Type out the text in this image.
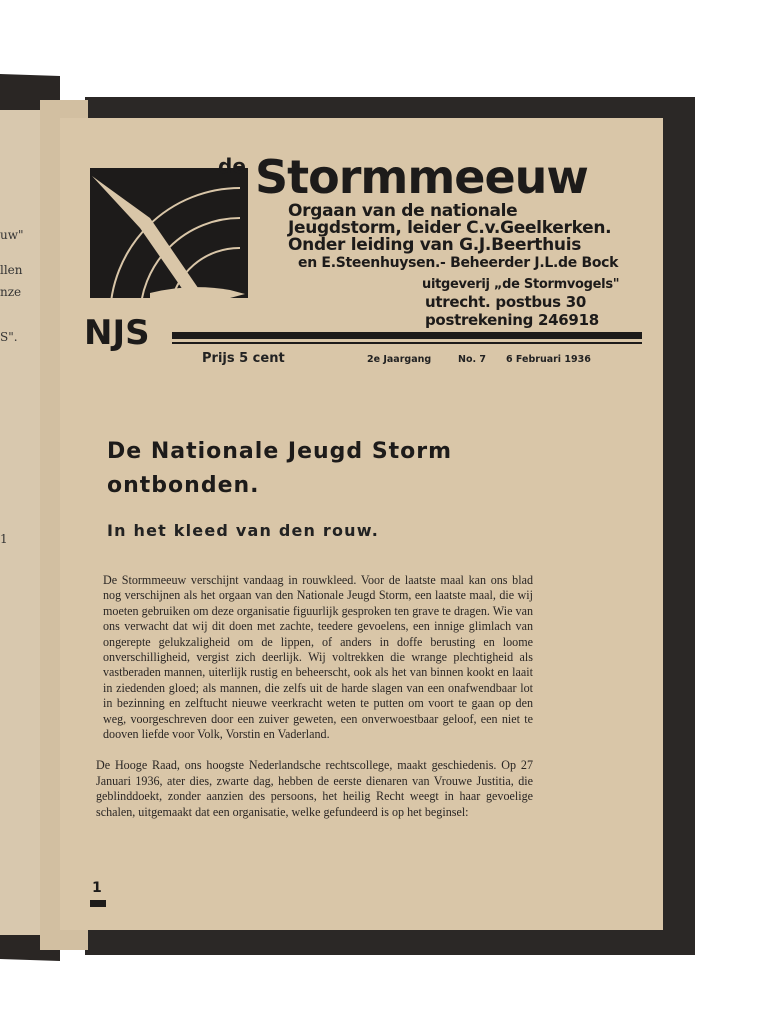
uw"
llen
nze
S".
1
NJS
de Stormmeeuw
Orgaan van de nationale
Jeugdstorm, leider C.v.Geelkerken.
Onder leiding van G.J.Beerthuis
en E.Steenhuysen.- Beheerder J.L.de Bock
uitgeverij „de Stormvogels"
utrecht. postbus 30
postrekening 246918
Prijs 5 cent	2e Jaargang	No. 7 6 Februari 1936
De Nationale Jeugd Storm ontbonden.
In het kleed van den rouw.

De Stormmeeuw verschijnt vandaag in rouwkleed. Voor de laatste maal kan ons blad nog verschijnen als het orgaan van den Nationale Jeugd Storm, een laatste maal, die wij moeten gebruiken om deze organisatie figuurlijk gesproken ten grave te dragen. Wie van ons verwacht dat wij dit doen met zachte, teedere gevoelens, een innige glimlach van ongerepte gelukzaligheid om de lippen, of anders in doffe berusting en loome onverschilligheid, vergist zich deerlijk. Wij voltrekken die wrange plechtigheid als vastberaden mannen, uiterlijk rustig en beheerscht, ook als het van binnen kookt en laait in ziedenden gloed; als mannen, die zelfs uit de harde slagen van een onafwendbaar lot in bezinning en zelftucht nieuwe veerkracht weten te putten om voort te gaan op den weg, voorgeschreven door een zuiver geweten, een onverwoestbaar geloof, een niet te dooven liefde voor Volk, Vorstin en Vaderland.

De Hooge Raad, ons hoogste Nederlandsche rechtscollege, maakt geschiedenis. Op 27 Januari 1936, ater dies, zwarte dag, hebben de eerste dienaren van Vrouwe Justitia, die geblinddoekt, zonder aanzien des persoons, het heilig Recht weegt in haar gevoelige schalen, uitgemaakt dat een organisatie, welke gefundeerd is op het beginsel:

1
